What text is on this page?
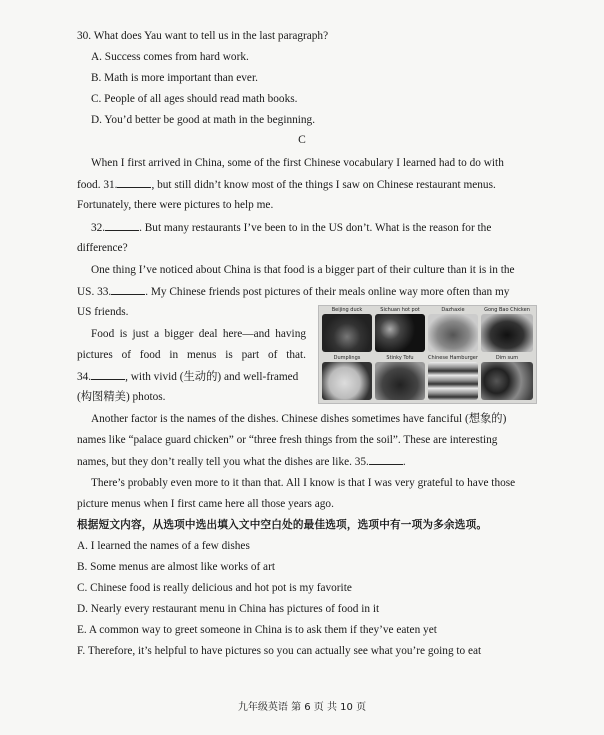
30. What does Yau want to tell us in the last paragraph?
A. Success comes from hard work.
B. Math is more important than ever.
C. People of all ages should read math books.
D. You’d better be good at math in the beginning.
C
When I first arrived in China, some of the first Chinese vocabulary I learned had to do with
food. 31.	, but still didn’t know most of the things I saw on Chinese restaurant menus.
Fortunately, there were pictures to help me.
32.	. But many restaurants I’ve been to in the US don’t. What is the reason for the
difference?
One thing I’ve noticed about China is that food is a bigger part of their culture than it is in the
US. 33.	. My Chinese friends post pictures of their meals online way more often than my
US friends.
Food is just a bigger deal here—and having
pictures of food in menus is part of that.
34.	, with vivid (生动的) and well-framed
(构图精美) photos.
Beijing duck	Sichuan hot pot	Dazhaxie	Gong Bao Chicken
Dumplings	Stinky Tofu	Chinese Hamburger	Dim sum
Another factor is the names of the dishes. Chinese dishes sometimes have fanciful (想象的)
names like “palace guard chicken” or “three fresh things from the soil”. These are interesting
names, but they don’t really tell you what the dishes are like. 35.	.
There’s probably even more to it than that. All I know is that I was very grateful to have those
picture menus when I first came here all those years ago.
根据短文内容，从选项中选出填入文中空白处的最佳选项，选项中有一项为多余选项。
A. I learned the names of a few dishes
B. Some menus are almost like works of art
C. Chinese food is really delicious and hot pot is my favorite
D. Nearly every restaurant menu in China has pictures of food in it
E. A common way to greet someone in China is to ask them if they’ve eaten yet
F. Therefore, it’s helpful to have pictures so you can actually see what you’re going to eat
九年级英语 第 6 页 共 10 页
